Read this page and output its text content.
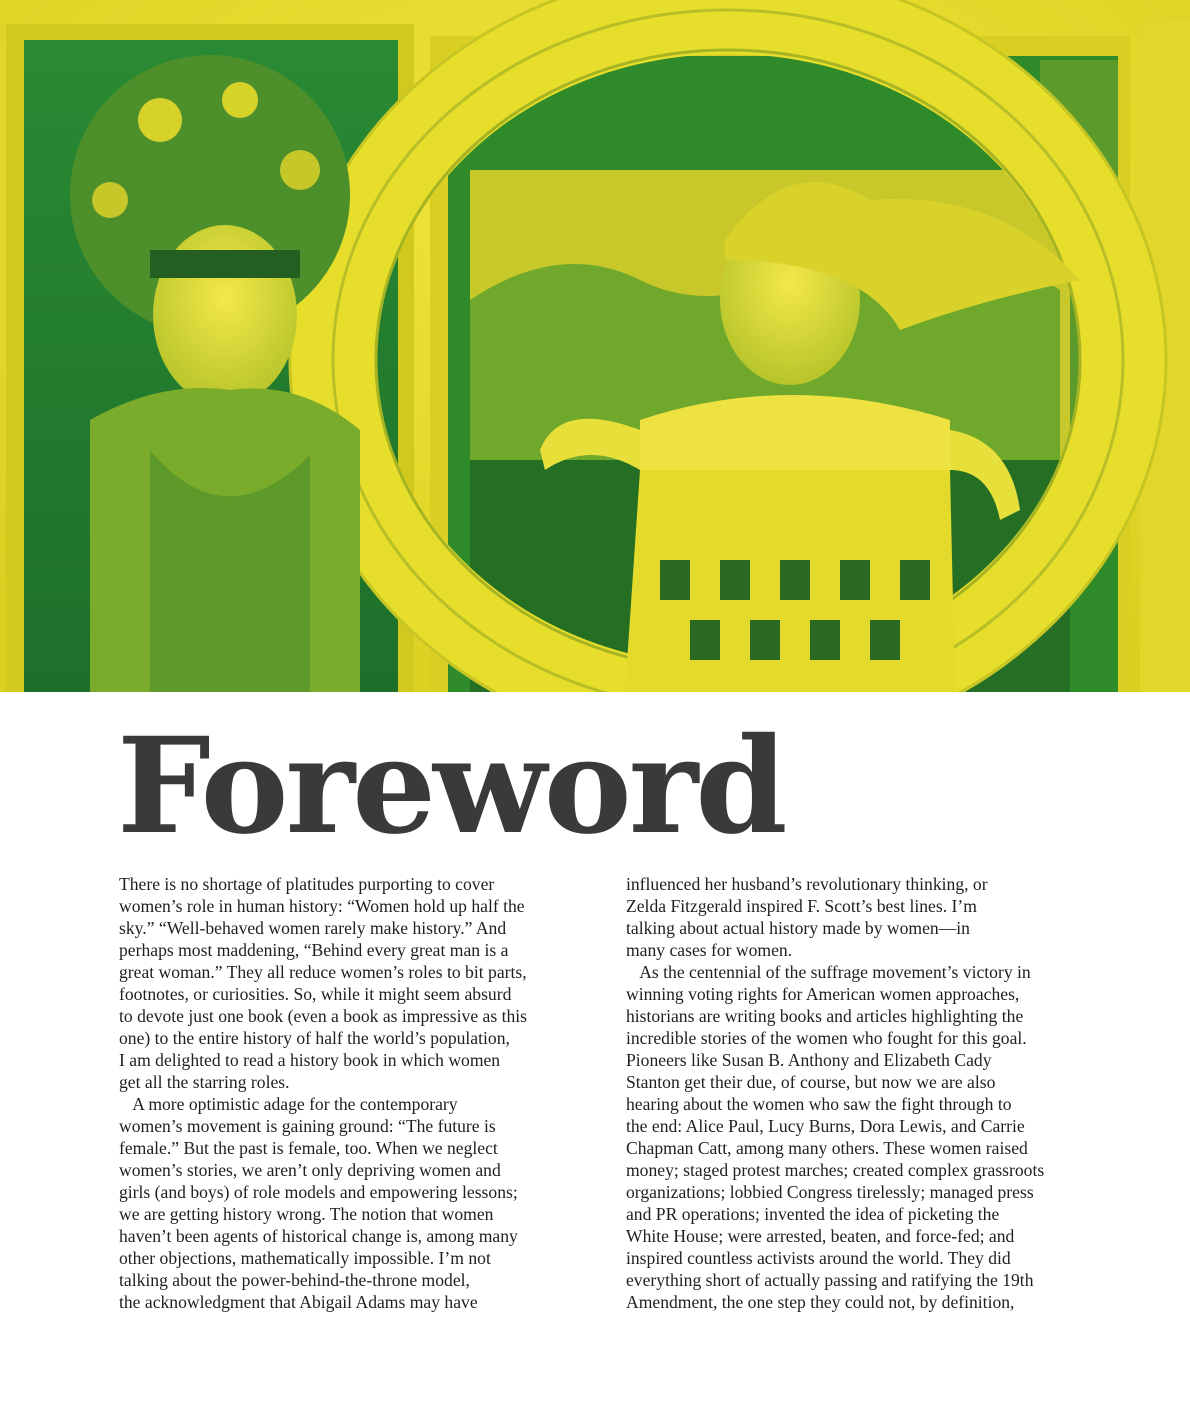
Foreword
There is no shortage of platitudes purporting to cover
women’s role in human history: “Women hold up half the
sky.” “Well-behaved women rarely make history.” And
perhaps most maddening, “Behind every great man is a
great woman.” They all reduce women’s roles to bit parts,
footnotes, or curiosities. So, while it might seem absurd
to devote just one book (even a book as impressive as this
one) to the entire history of half the world’s population,
I am delighted to read a history book in which women
get all the starring roles.
A more optimistic adage for the contemporary
women’s movement is gaining ground: “The future is
female.” But the past is female, too. When we neglect
women’s stories, we aren’t only depriving women and
girls (and boys) of role models and empowering lessons;
we are getting history wrong. The notion that women
haven’t been agents of historical change is, among many
other objections, mathematically impossible. I’m not
talking about the power-behind-the-throne model,
the acknowledgment that Abigail Adams may have
influenced her husband’s revolutionary thinking, or
Zelda Fitzgerald inspired F. Scott’s best lines. I’m
talking about actual history made by women—in
many cases for women.
As the centennial of the suffrage movement’s victory in
winning voting rights for American women approaches,
historians are writing books and articles highlighting the
incredible stories of the women who fought for this goal.
Pioneers like Susan B. Anthony and Elizabeth Cady
Stanton get their due, of course, but now we are also
hearing about the women who saw the fight through to
the end: Alice Paul, Lucy Burns, Dora Lewis, and Carrie
Chapman Catt, among many others. These women raised
money; staged protest marches; created complex grassroots
organizations; lobbied Congress tirelessly; managed press
and PR operations; invented the idea of picketing the
White House; were arrested, beaten, and force-fed; and
inspired countless activists around the world. They did
everything short of actually passing and ratifying the 19th
Amendment, the one step they could not, by definition,
